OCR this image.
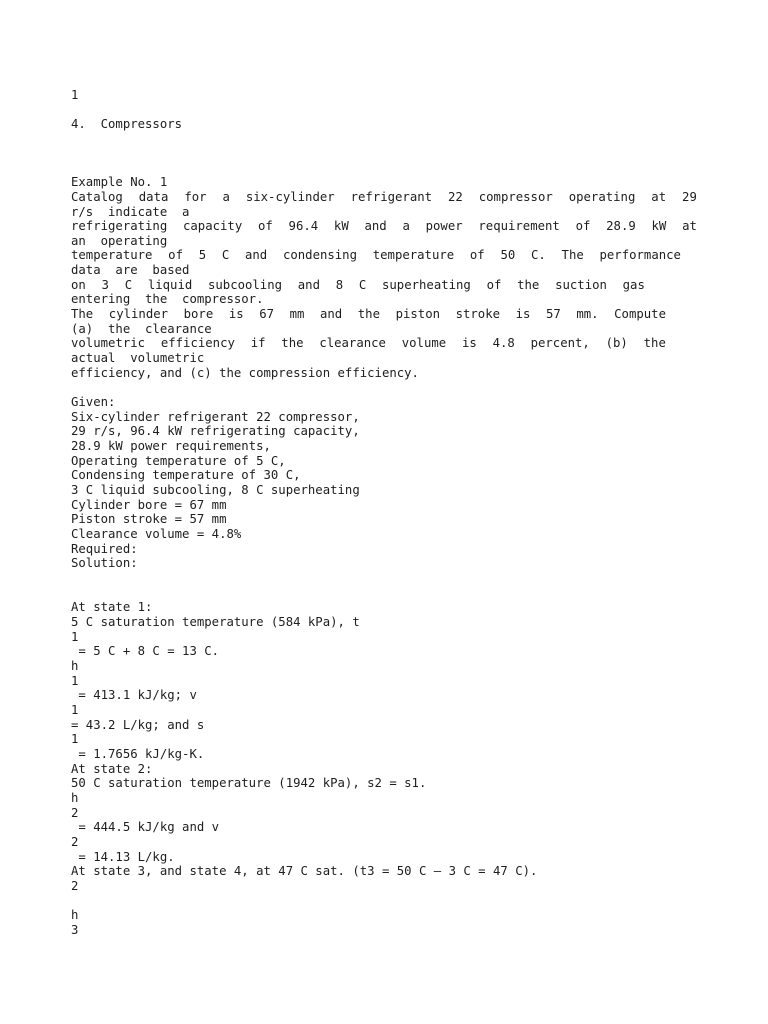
1
4.  Compressors
Example No. 1
Catalog data for a six-cylinder refrigerant 22 compressor operating at 29
r/s  indicate  a
refrigerating capacity of 96.4 kW and a power requirement of 28.9 kW at
an  operating
temperature of 5 C and condensing temperature of 50 C. The performance
data  are  based
on 3 C liquid subcooling and 8 C superheating of the suction gas
entering  the  compressor.
The cylinder bore is 67 mm and the piston stroke is 57 mm. Compute
(a)  the  clearance
volumetric efficiency if the clearance volume is 4.8 percent, (b) the
actual  volumetric
efficiency, and (c) the compression efficiency.
Given:
Six-cylinder refrigerant 22 compressor,
29 r/s, 96.4 kW refrigerating capacity,
28.9 kW power requirements,
Operating temperature of 5 C,
Condensing temperature of 30 C,
3 C liquid subcooling, 8 C superheating
Cylinder bore = 67 mm
Piston stroke = 57 mm
Clearance volume = 4.8%
Required:
Solution:
At state 1:
5 C saturation temperature (584 kPa), t
1
= 5 C + 8 C = 13 C.
h
1
= 413.1 kJ/kg; v
1
= 43.2 L/kg; and s
1
= 1.7656 kJ/kg-K.
At state 2:
50 C saturation temperature (1942 kPa), s2 = s1.
h
2
= 444.5 kJ/kg and v
2
= 14.13 L/kg.
At state 3, and state 4, at 47 C sat. (t3 = 50 C – 3 C = 47 C).
2
h
3
